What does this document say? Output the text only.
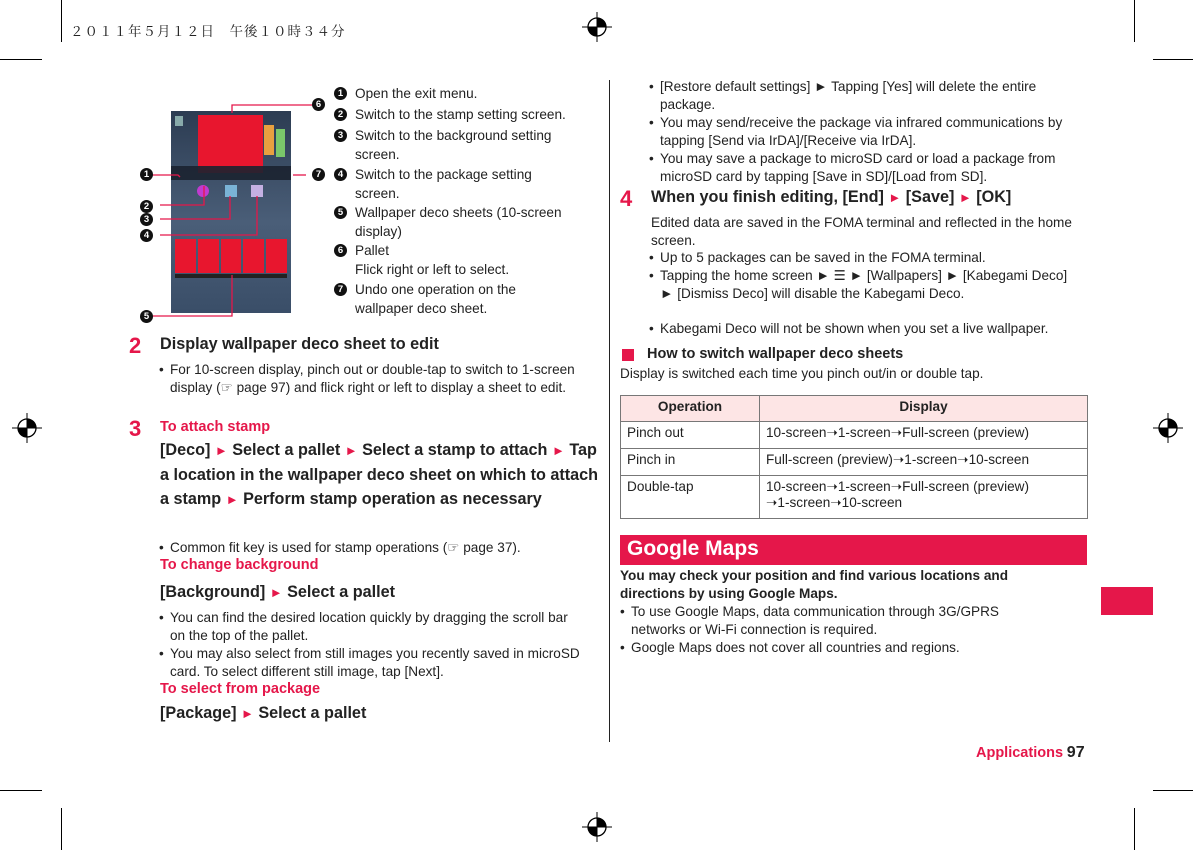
２０１１年５月１２日　午後１０時３４分
1
2
3
4
5
6
7
1 Open the exit menu.
2 Switch to the stamp setting screen.
3 Switch to the background setting screen.
4 Switch to the package setting screen.
5 Wallpaper deco sheets (10-screen display)
6 Pallet
Flick right or left to select.
7 Undo one operation on the wallpaper deco sheet.
2 Display wallpaper deco sheet to edit
• For 10-screen display, pinch out or double-tap to switch to 1-screen display (☞ page 97) and flick right or left to display a sheet to edit.
3 To attach stamp
[Deco] ► Select a pallet ► Select a stamp to attach ► Tap a location in the wallpaper deco sheet on which to attach a stamp ► Perform stamp operation as necessary
• Common fit key is used for stamp operations (☞ page 37).
To change background
[Background] ► Select a pallet
• You can find the desired location quickly by dragging the scroll bar on the top of the pallet.
• You may also select from still images you recently saved in microSD card. To select different still image, tap [Next].
To select from package
[Package] ► Select a pallet
• [Restore default settings] ► Tapping [Yes] will delete the entire package.
• You may send/receive the package via infrared communications by tapping [Send via IrDA]/[Receive via IrDA].
• You may save a package to microSD card or load a package from microSD card by tapping [Save in SD]/[Load from SD].
4 When you finish editing, [End] ► [Save] ► [OK]
Edited data are saved in the FOMA terminal and reflected in the home screen.
• Up to 5 packages can be saved in the FOMA terminal.
• Tapping the home screen ► ☰ ► [Wallpapers] ► [Kabegami Deco] ► [Dismiss Deco] will disable the Kabegami Deco.
• Kabegami Deco will not be shown when you set a live wallpaper.
How to switch wallpaper deco sheets
Display is switched each time you pinch out/in or double tap.
Operation	Display
Pinch out	10-screen➝1-screen➝Full-screen (preview)
Pinch in	Full-screen (preview)➝1-screen➝10-screen
Double-tap	10-screen➝1-screen➝Full-screen (preview)
➝1-screen➝10-screen
Google Maps
You may check your position and find various locations and directions by using Google Maps.
• To use Google Maps, data communication through 3G/GPRS networks or Wi-Fi connection is required.
• Google Maps does not cover all countries and regions.
Applications 97
